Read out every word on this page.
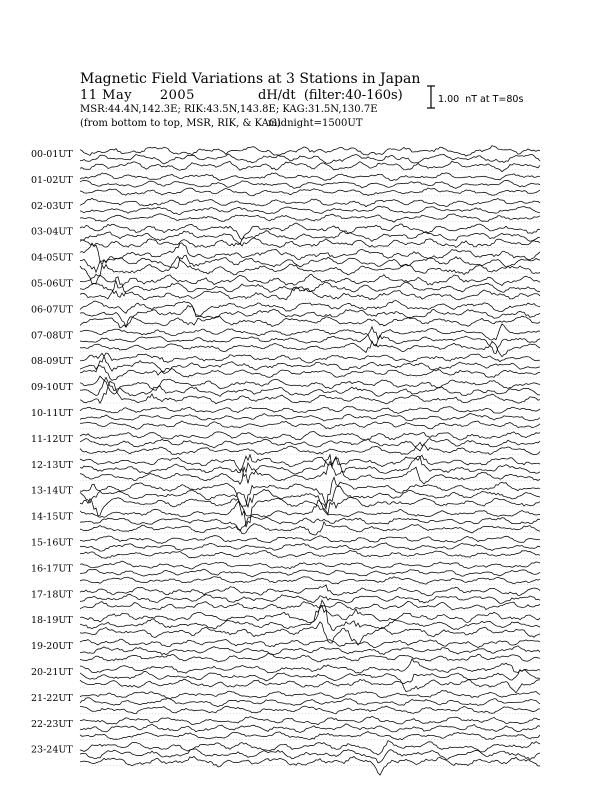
Magnetic Field Variations at 3 Stations in Japan
11 May      2005	dH/dt  (filter:40-160s)
MSR:44.4N,142.3E; RIK:43.5N,143.8E; KAG:31.5N,130.7E
(from bottom to top, MSR, RIK, & KAG)
midnight=1500UT
1.00  nT at T=80s
00-01UT
01-02UT
02-03UT
03-04UT
04-05UT
05-06UT
06-07UT
07-08UT
08-09UT
09-10UT
10-11UT
11-12UT
12-13UT
13-14UT
14-15UT
15-16UT
16-17UT
17-18UT
18-19UT
19-20UT
20-21UT
21-22UT
22-23UT
23-24UT
